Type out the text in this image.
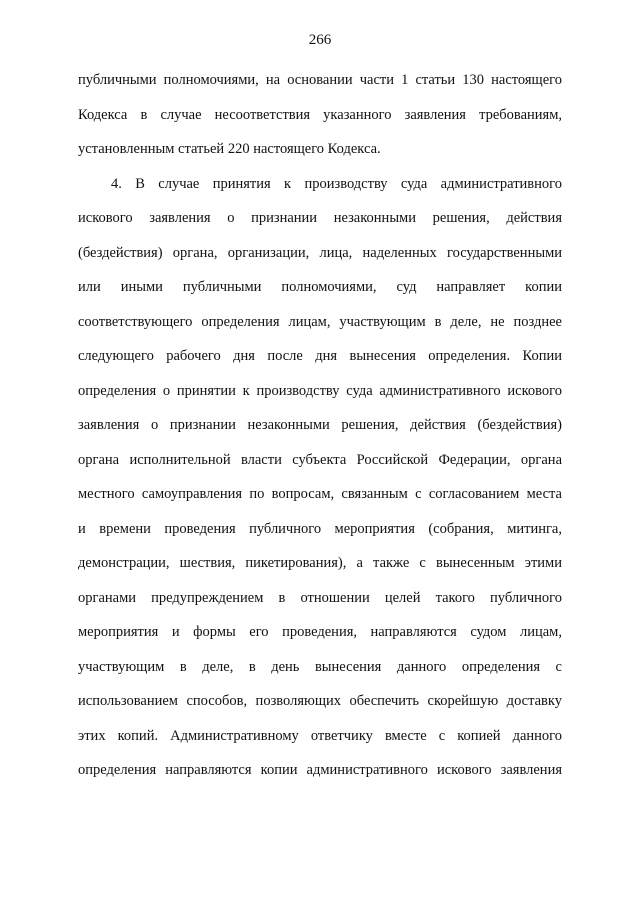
266
публичными полномочиями, на основании части 1 статьи 130 настоящего
Кодекса в случае несоответствия указанного заявления требованиям,
установленным статьей 220 настоящего Кодекса.
4. В случае принятия к производству суда административного
искового заявления о признании незаконными решения, действия
(бездействия) органа, организации, лица, наделенных государственными
или иными публичными полномочиями, суд направляет копии
соответствующего определения лицам, участвующим в деле, не позднее
следующего рабочего дня после дня вынесения определения. Копии
определения о принятии к производству суда административного искового
заявления о признании незаконными решения, действия (бездействия)
органа исполнительной власти субъекта Российской Федерации, органа
местного самоуправления по вопросам, связанным с согласованием места
и времени проведения публичного мероприятия (собрания, митинга,
демонстрации, шествия, пикетирования), а также с вынесенным этими
органами предупреждением в отношении целей такого публичного
мероприятия и формы его проведения, направляются судом лицам,
участвующим в деле, в день вынесения данного определения с
использованием способов, позволяющих обеспечить скорейшую доставку
этих копий. Административному ответчику вместе с копией данного
определения направляются копии административного искового заявления
